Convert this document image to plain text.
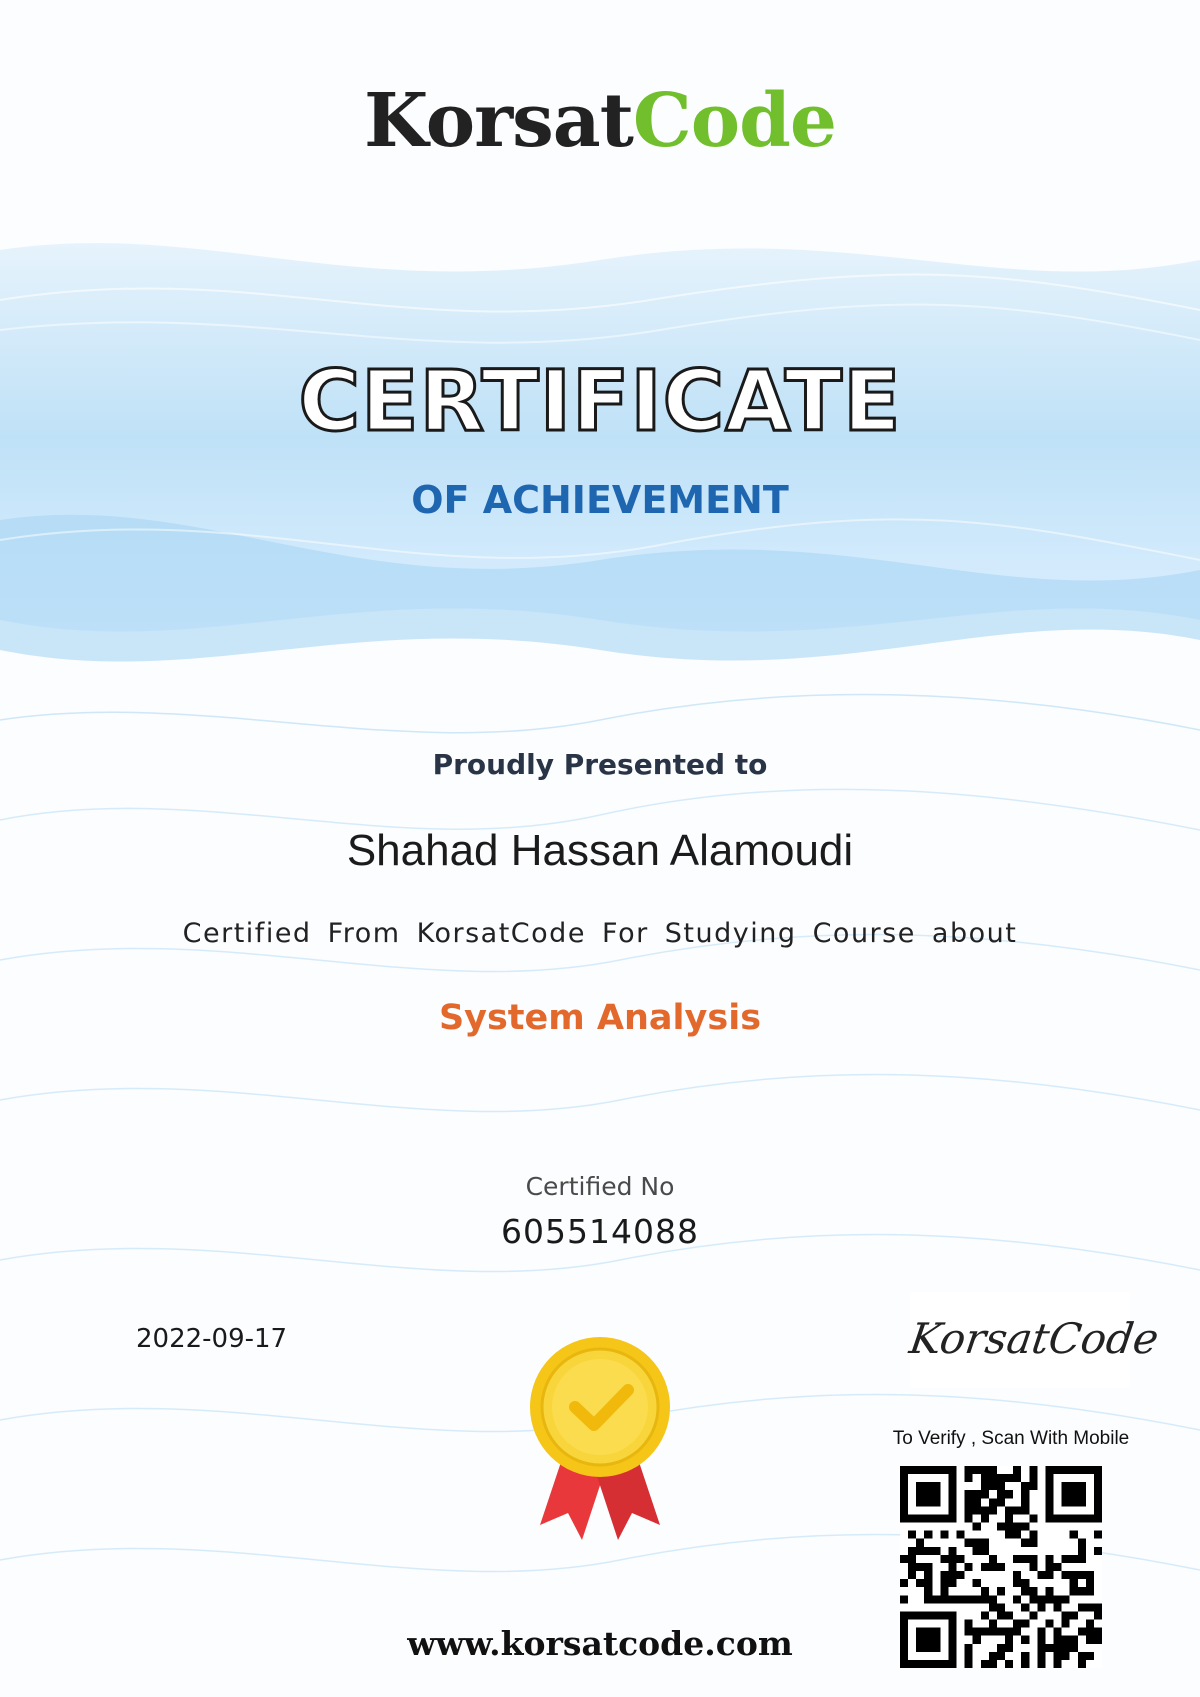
KorsatCode
CERTIFICATE
OF ACHIEVEMENT
Proudly Presented to
Shahad Hassan Alamoudi
Certified From KorsatCode For Studying Course about
System Analysis
Certified No
605514088
2022-09-17	KorsatCode
To Verify , Scan With Mobile
www.korsatcode.com
